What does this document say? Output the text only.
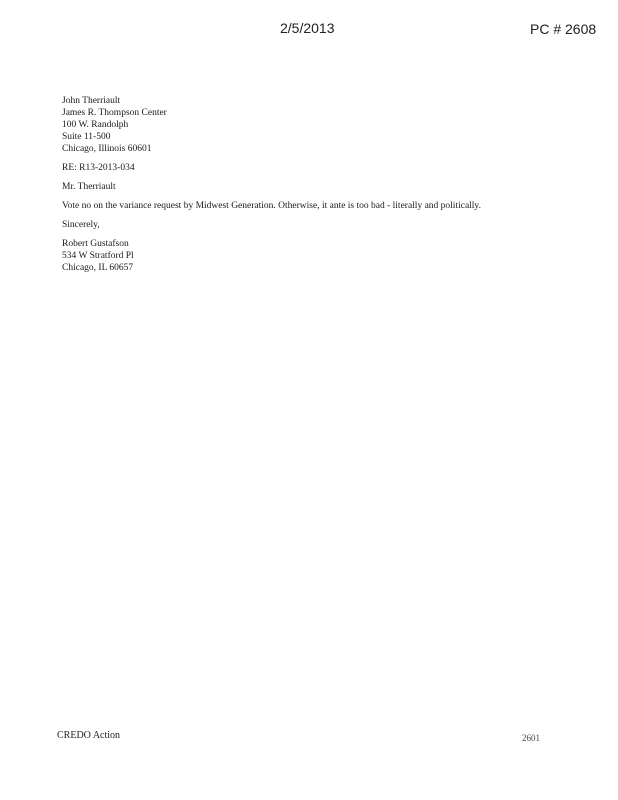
2/5/2013	PC # 2608
John Therriault
James R. Thompson Center
100 W. Randolph
Suite 11-500
Chicago, Illinois 60601
RE: R13-2013-034
Mr. Therriault
Vote no on the variance request by Midwest Generation. Otherwise, it ante is too bad - literally and politically.
Sincerely,
Robert Gustafson
534 W Stratford Pl
Chicago, IL 60657
CREDO Action	2601
